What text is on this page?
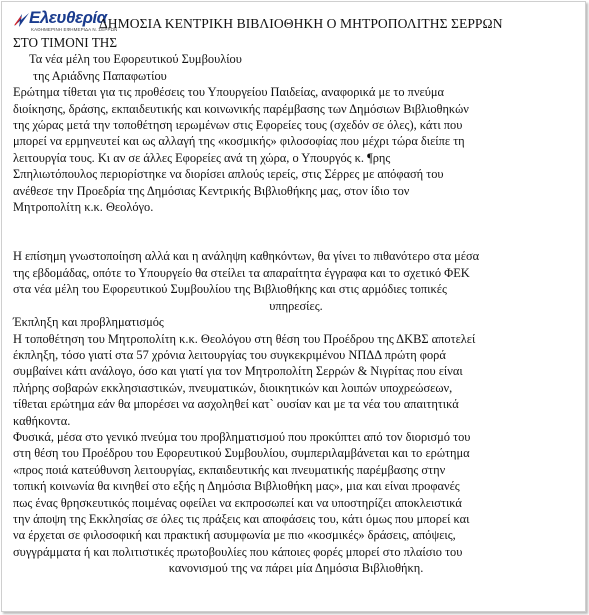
Ελευθερία
ΚΑΘΗΜΕΡΙΝΗ ΕΦΗΜΕΡΙΔΑ Ν. ΣΕΡΡΩΝ
ΔΗΜΟΣΙΑ ΚΕΝΤΡΙΚΗ ΒΙΒΛΙΟΘΗΚΗ Ο ΜΗΤΡΟΠΟΛΙΤΗΣ ΣΕΡΡΩΝ
ΣΤΟ ΤΙΜΟΝΙ ΤΗΣ
Τα νέα μέλη του Εφορευτικού Συμβουλίου
της Αριάδνης Παπαφωτίου
Ερώτημα τίθεται για τις προθέσεις του Υπουργείου Παιδείας, αναφορικά με το πνεύμα
διοίκησης, δράσης, εκπαιδευτικής και κοινωνικής παρέμβασης των Δημόσιων Βιβλιοθηκών
της χώρας μετά την τοποθέτηση ιερωμένων στις Εφορείες τους (σχεδόν σε όλες), κάτι που
μπορεί να ερμηνευτεί και ως αλλαγή της «κοσμικής» φιλοσοφίας που μέχρι τώρα διείπε τη
λειτουργία τους. Κι αν σε άλλες Εφορείες ανά τη χώρα, ο Υπουργός κ. ¶ρης
Σπηλιωτόπουλος περιορίστηκε να διορίσει απλούς ιερείς, στις Σέρρες με απόφασή του
ανέθεσε την Προεδρία της Δημόσιας Κεντρικής Βιβλιοθήκης μας, στον ίδιο τον
Μητροπολίτη κ.κ. Θεολόγο.
Η επίσημη γνωστοποίηση αλλά και η ανάληψη καθηκόντων, θα γίνει το πιθανότερο στα μέσα
της εβδομάδας, οπότε το Υπουργείο θα στείλει τα απαραίτητα έγγραφα και το σχετικό ΦΕΚ
στα νέα μέλη του Εφορευτικού Συμβουλίου της Βιβλιοθήκης και στις αρμόδιες τοπικές
υπηρεσίες.
Έκπληξη και προβληματισμός
Η τοποθέτηση του Μητροπολίτη κ.κ. Θεολόγου στη θέση του Προέδρου της ΔΚΒΣ αποτελεί
έκπληξη, τόσο γιατί στα 57 χρόνια λειτουργίας του συγκεκριμένου ΝΠΔΔ πρώτη φορά
συμβαίνει κάτι ανάλογο, όσο και γιατί για τον Μητροπολίτη Σερρών & Νιγρίτας που είναι
πλήρης σοβαρών εκκλησιαστικών, πνευματικών, διοικητικών και λοιπών υποχρεώσεων,
τίθεται ερώτημα εάν θα μπορέσει να ασχοληθεί κατ` ουσίαν και με τα νέα του απαιτητικά
καθήκοντα.
Φυσικά, μέσα στο γενικό πνεύμα του προβληματισμού που προκύπτει από τον διορισμό του
στη θέση του Προέδρου του Εφορευτικού Συμβουλίου, συμπεριλαμβάνεται και το ερώτημα
«προς ποιά κατεύθυνση λειτουργίας, εκπαιδευτικής και πνευματικής παρέμβασης στην
τοπική κοινωνία θα κινηθεί στο εξής η Δημόσια Βιβλιοθήκη μας», μια και είναι προφανές
πως ένας θρησκευτικός ποιμένας οφείλει να εκπροσωπεί και να υποστηρίζει αποκλειστικά
την άποψη της Εκκλησίας σε όλες τις πράξεις και αποφάσεις του, κάτι όμως που μπορεί και
να έρχεται σε φιλοσοφική και πρακτική ασυμφωνία με πιο «κοσμικές» δράσεις, απόψεις,
συγγράμματα ή και πολιτιστικές πρωτοβουλίες που κάποιες φορές μπορεί στο πλαίσιο του
κανονισμού της να πάρει μία Δημόσια Βιβλιοθήκη.
